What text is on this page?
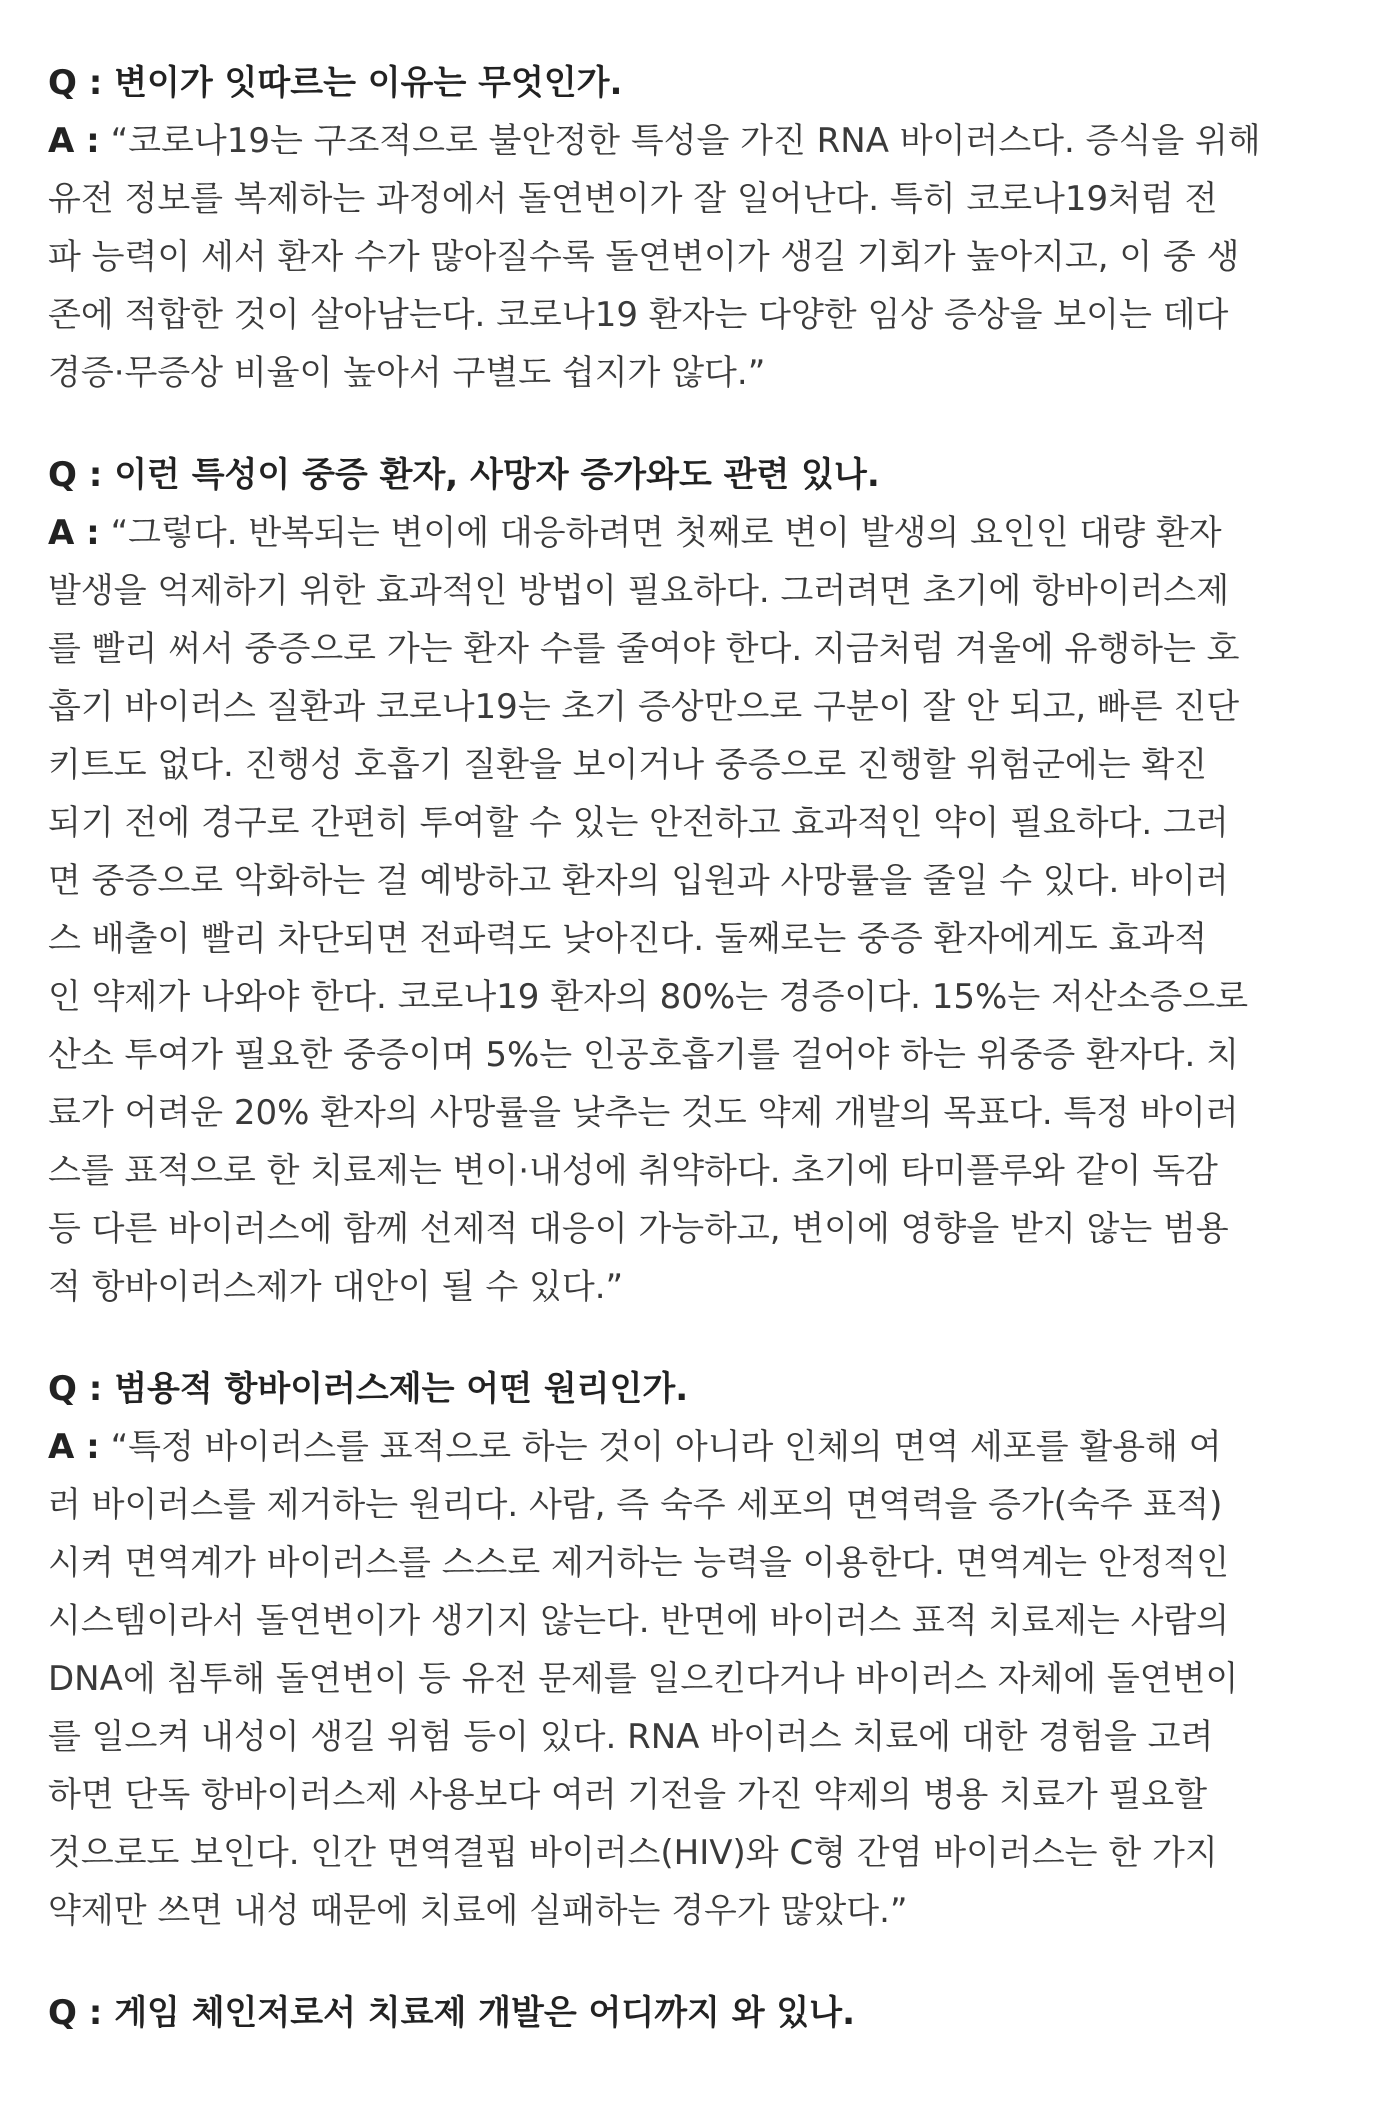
Q : 변이가 잇따르는 이유는 무엇인가.

A : “코로나19는 구조적으로 불안정한 특성을 가진 RNA 바이러스다. 증식을 위해
유전 정보를 복제하는 과정에서 돌연변이가 잘 일어난다. 특히 코로나19처럼 전
파 능력이 세서 환자 수가 많아질수록 돌연변이가 생길 기회가 높아지고, 이 중 생
존에 적합한 것이 살아남는다. 코로나19 환자는 다양한 임상 증상을 보이는 데다
경증·무증상 비율이 높아서 구별도 쉽지가 않다.”

Q : 이런 특성이 중증 환자, 사망자 증가와도 관련 있나.

A : “그렇다. 반복되는 변이에 대응하려면 첫째로 변이 발생의 요인인 대량 환자
발생을 억제하기 위한 효과적인 방법이 필요하다. 그러려면 초기에 항바이러스제
를 빨리 써서 중증으로 가는 환자 수를 줄여야 한다. 지금처럼 겨울에 유행하는 호
흡기 바이러스 질환과 코로나19는 초기 증상만으로 구분이 잘 안 되고, 빠른 진단
키트도 없다. 진행성 호흡기 질환을 보이거나 중증으로 진행할 위험군에는 확진
되기 전에 경구로 간편히 투여할 수 있는 안전하고 효과적인 약이 필요하다. 그러
면 중증으로 악화하는 걸 예방하고 환자의 입원과 사망률을 줄일 수 있다. 바이러
스 배출이 빨리 차단되면 전파력도 낮아진다. 둘째로는 중증 환자에게도 효과적
인 약제가 나와야 한다. 코로나19 환자의 80%는 경증이다. 15%는 저산소증으로
산소 투여가 필요한 중증이며 5%는 인공호흡기를 걸어야 하는 위중증 환자다. 치
료가 어려운 20% 환자의 사망률을 낮추는 것도 약제 개발의 목표다. 특정 바이러
스를 표적으로 한 치료제는 변이·내성에 취약하다. 초기에 타미플루와 같이 독감
등 다른 바이러스에 함께 선제적 대응이 가능하고, 변이에 영향을 받지 않는 범용
적 항바이러스제가 대안이 될 수 있다.”

Q : 범용적 항바이러스제는 어떤 원리인가.

A : “특정 바이러스를 표적으로 하는 것이 아니라 인체의 면역 세포를 활용해 여
러 바이러스를 제거하는 원리다. 사람, 즉 숙주 세포의 면역력을 증가(숙주 표적)
시켜 면역계가 바이러스를 스스로 제거하는 능력을 이용한다. 면역계는 안정적인
시스템이라서 돌연변이가 생기지 않는다. 반면에 바이러스 표적 치료제는 사람의
DNA에 침투해 돌연변이 등 유전 문제를 일으킨다거나 바이러스 자체에 돌연변이
를 일으켜 내성이 생길 위험 등이 있다. RNA 바이러스 치료에 대한 경험을 고려
하면 단독 항바이러스제 사용보다 여러 기전을 가진 약제의 병용 치료가 필요할
것으로도 보인다. 인간 면역결핍 바이러스(HIV)와 C형 간염 바이러스는 한 가지
약제만 쓰면 내성 때문에 치료에 실패하는 경우가 많았다.”

Q : 게임 체인저로서 치료제 개발은 어디까지 와 있나.
